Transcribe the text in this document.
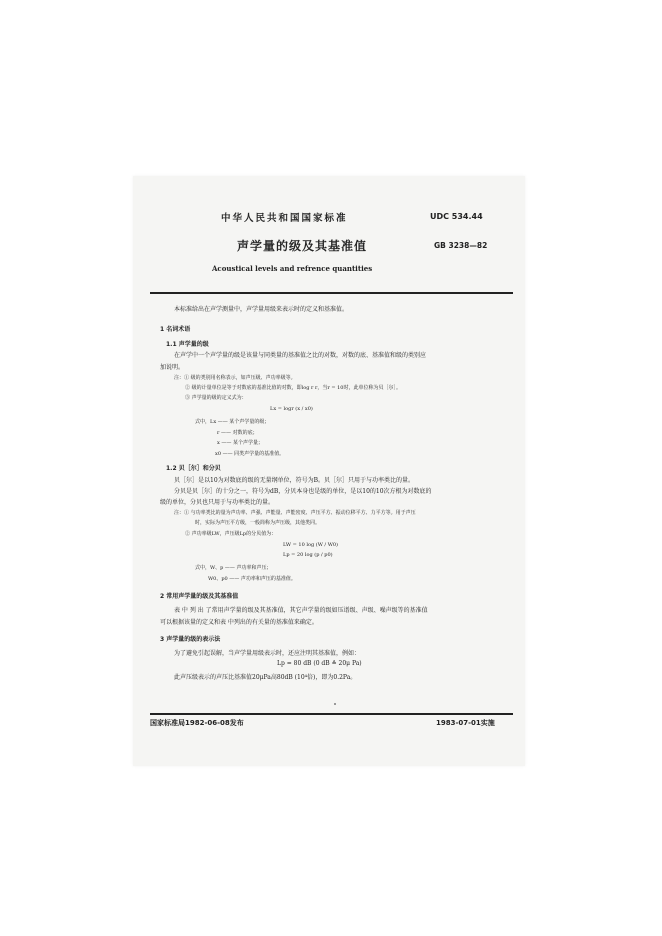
中华人民共和国国家标准	UDC 534.44
声学量的级及其基准值	GB 3238—82
Acoustical levels and refrence quantities
本标准给出在声学测量中，声学量用级来表示时的定义和基准值。
1 名词术语
1.1 声学量的级
在声学中一个声学量的级是该量与同类量的基准值之比的对数，对数的底、基准值和级的类别应
加说明。
注：① 级的类别用名称表示，如声压级、声功率级等。
② 级的计量单位是等于对数底的基准比值的对数，即log r r，当r = 10时，此单位称为贝［尔］。
③ 声学量的级的定义式为：
Lx = logr (x / x0)
式中，Lx —— 某个声学量的级；
r —— 对数的底；
x —— 某个声学量；
x0 —— 同类声学量的基准值。
1.2 贝［尔］和分贝
贝［尔］是以10为对数底的级的无量纲单位，符号为B。贝［尔］只用于与功率类比的量。
分贝是贝［尔］的十分之一，符号为dB，分贝本身也是级的单位，是以10的10次方根为对数底的
级的单位，分贝也只用于与功率类比的量。
注：① 与功率类比的量为声功率、声强、声能量、声能密度、声压平方、振动位移平方、力平方等。用于声压
时，实际为声压平方级，一般简称为声压级，其他类同。
② 声功率级LW，声压级Lp的分贝值为：
LW = 10 log (W / W0)
Lp = 20 log (p / p0)
式中，W、p —— 声功率和声压；
W0、p0 —— 声功率和声压的基准值。
2 常用声学量的级及其基准值
表 中 列 出 了常用声学量的级及其基准值，其它声学量的级如压谱级、声级、噪声级等的基准值
可以根据该量的定义和表 中列出的有关量的基准值来确定。
3 声学量的级的表示法
为了避免引起误解，当声学量用级表示时，还应注明其基准值，例如：
Lp = 80 dB (0 dB ≙ 20μ Pa)
此声压级表示的声压比基准值20μPa高80dB (10⁴倍)，即为0.2Pa。
国家标准局1982-06-08发布	1983-07-01实施
